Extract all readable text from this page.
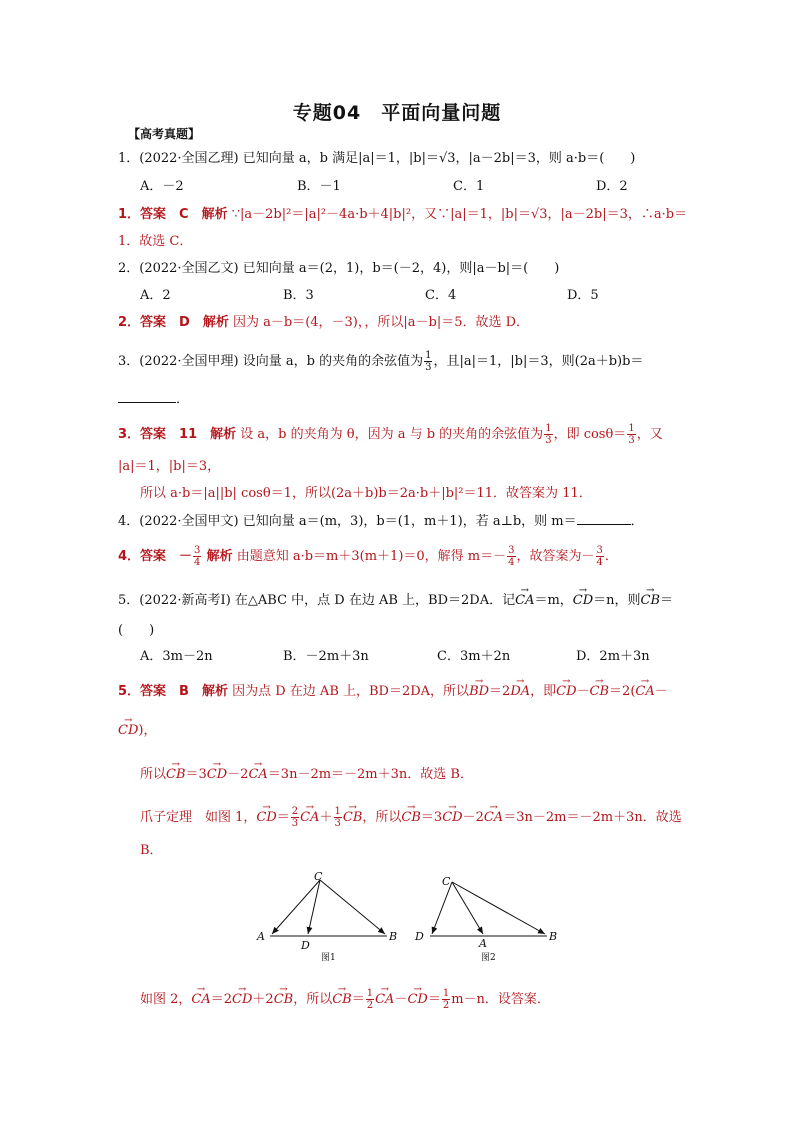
专题04　平面向量问题
【高考真题】
1．(2022·全国乙理) 已知向量 a，b 满足|a|＝1，|b|＝√3，|a－2b|＝3，则 a·b＝(　　)
A．－2	B．－1	C．1	D．2
1．答案　C　解析 ∵|a－2b|²＝|a|²－4a·b＋4|b|²，又∵|a|＝1，|b|＝√3，|a－2b|＝3，∴a·b＝
1．故选 C．
2．(2022·全国乙文) 已知向量 a＝(2，1)，b＝(－2，4)，则|a－b|＝(　　)
A．2	B．3	C．4	D．5
2．答案　D　解析 因为 a－b＝(4，－3)，，所以|a－b|＝5．故选 D．
3．(2022·全国甲理) 设向量 a，b 的夹角的余弦值为 $\frac{1}{3}$ ，且|a|＝1，|b|＝3，则(2a＋b)b＝
．
3．答案　11　解析 设 a，b 的夹角为 θ，因为 a 与 b 的夹角的余弦值为 $\frac{1}{3}$ ，即 $\cos\theta= \frac{1}{3}$ ，又
|a|＝1，|b|＝3，
所以 a·b＝|a||b| cosθ＝1，所以(2a＋b)b＝2a·b＋|b|²＝11．故答案为 11．
4．(2022·全国甲文) 已知向量 a＝(m，3)，b＝(1，m＋1)，若 a⊥b，则 m＝	．
4．答案　－ $\frac{3}{4}$ 解析 由题意知 a·b＝m＋3(m＋1)＝0，解得 $m=- \frac{3}{4}$ ，故答案为－ $\frac{3}{4}$ ．
5．(2022·新高考Ⅰ) 在△ABC 中，点 D 在边 AB 上，BD＝2DA．记→ CA＝m，→ CD＝n，则→ CB＝
(　　)
A．3m－2n	B．－2m＋3n	C．3m＋2n	D．2m＋3n
5．答案　B　解析 因为点 D 在边 AB 上，BD＝2DA，所以→ BD＝2→ DA，即→ CD－→ CB＝2(→ CA－
→ CD)，
所以→ CB＝3→ CD－2→ CA＝3n－2m＝－2m＋3n．故选 B．
爪子定理　如图 1，→ $CD= \frac{2}{3}$
→ $CA+ \frac{1}{3}$
→ CB，所以→ CB＝3→ CD－2→ CA＝3n－2m＝－2m＋3n．故选
B．
C
A
D
B
图1
C
D
A
B
图2
如图 2，→ CA＝2→ CD＋2→ CB，所以→ $CB= \frac{1}{2}$
→ $CA-\to CD= \frac{1}{2} m-n$．设答案．
